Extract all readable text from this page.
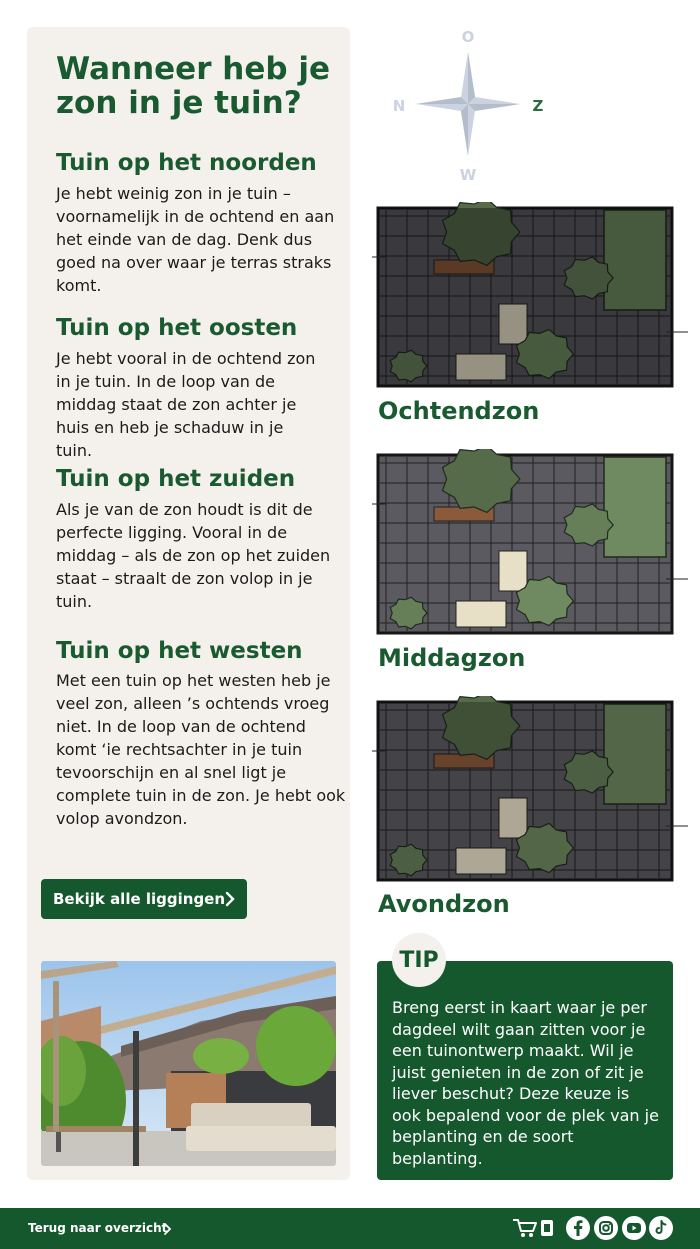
Wanneer heb je zon in je tuin?
Tuin op het noorden

Je hebt weinig zon in je tuin – voornamelijk in de ochtend en aan het einde van de dag. Denk dus goed na over waar je terras straks komt.

Tuin op het oosten

Je hebt vooral in de ochtend zon in je tuin. In de loop van de middag staat de zon achter je huis en heb je schaduw in je tuin.

Tuin op het zuiden

Als je van de zon houdt is dit de perfecte ligging. Vooral in de middag – als de zon op het zuiden staat – straalt de zon volop in je tuin.

Tuin op het westen

Met een tuin op het westen heb je veel zon, alleen ’s ochtends vroeg niet. In de loop van de ochtend komt ‘ie rechtsachter in je tuin tevoorschijn en al snel ligt je complete tuin in de zon. Je hebt ook volop avondzon.

Bekijk alle liggingen
O
Z
W
N
Ochtendzon
Middagzon
Avondzon
TIP

Breng eerst in kaart waar je per dagdeel wilt gaan zitten voor je een tuinontwerp maakt. Wil je juist genieten in de zon of zit je liever beschut? Deze keuze is ook bepalend voor de plek van je beplanting en de soort beplanting.

Terug naar overzicht
